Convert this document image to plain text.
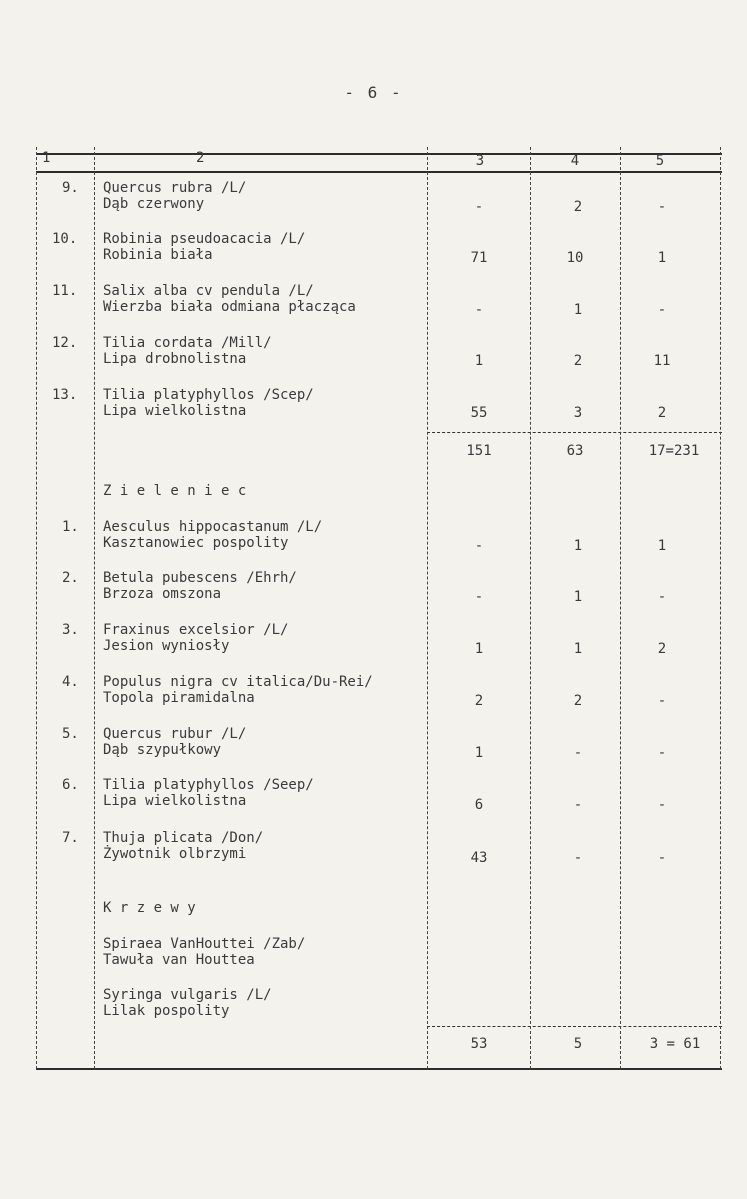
- 6 -
1	2	3	4	5
9. Quercus rubra /L/
Dąb czerwony	-	2	-
10. Robinia pseudoacacia /L/
Robinia biała	71	10	1
11. Salix alba cv pendula /L/
Wierzba biała odmiana płacząca	-	1	-
12. Tilia cordata /Mill/
Lipa drobnolistna	1	2	11
13. Tilia platyphyllos /Scep/
Lipa wielkolistna	55	3	2
151	63	17=231
Z i e l e n i e c
1. Aesculus hippocastanum /L/
Kasztanowiec pospolity	-	1	1
2. Betula pubescens /Ehrh/
Brzoza omszona	-	1	-
3. Fraxinus excelsior /L/
Jesion wyniosły	1	1	2
4. Populus nigra cv italica/Du-Rei/
Topola piramidalna	2	2	-
5. Quercus rubur /L/
Dąb szypułkowy	1	-	-
6. Tilia platyphyllos /Seep/
Lipa wielkolistna	6	-	-
7. Thuja plicata /Don/
Żywotnik olbrzymi	43	-	-
K r z e w y
Spiraea VanHouttei /Zab/
Tawuła van Houttea
Syringa vulgaris /L/
Lilak pospolity
53	5	3 = 61
